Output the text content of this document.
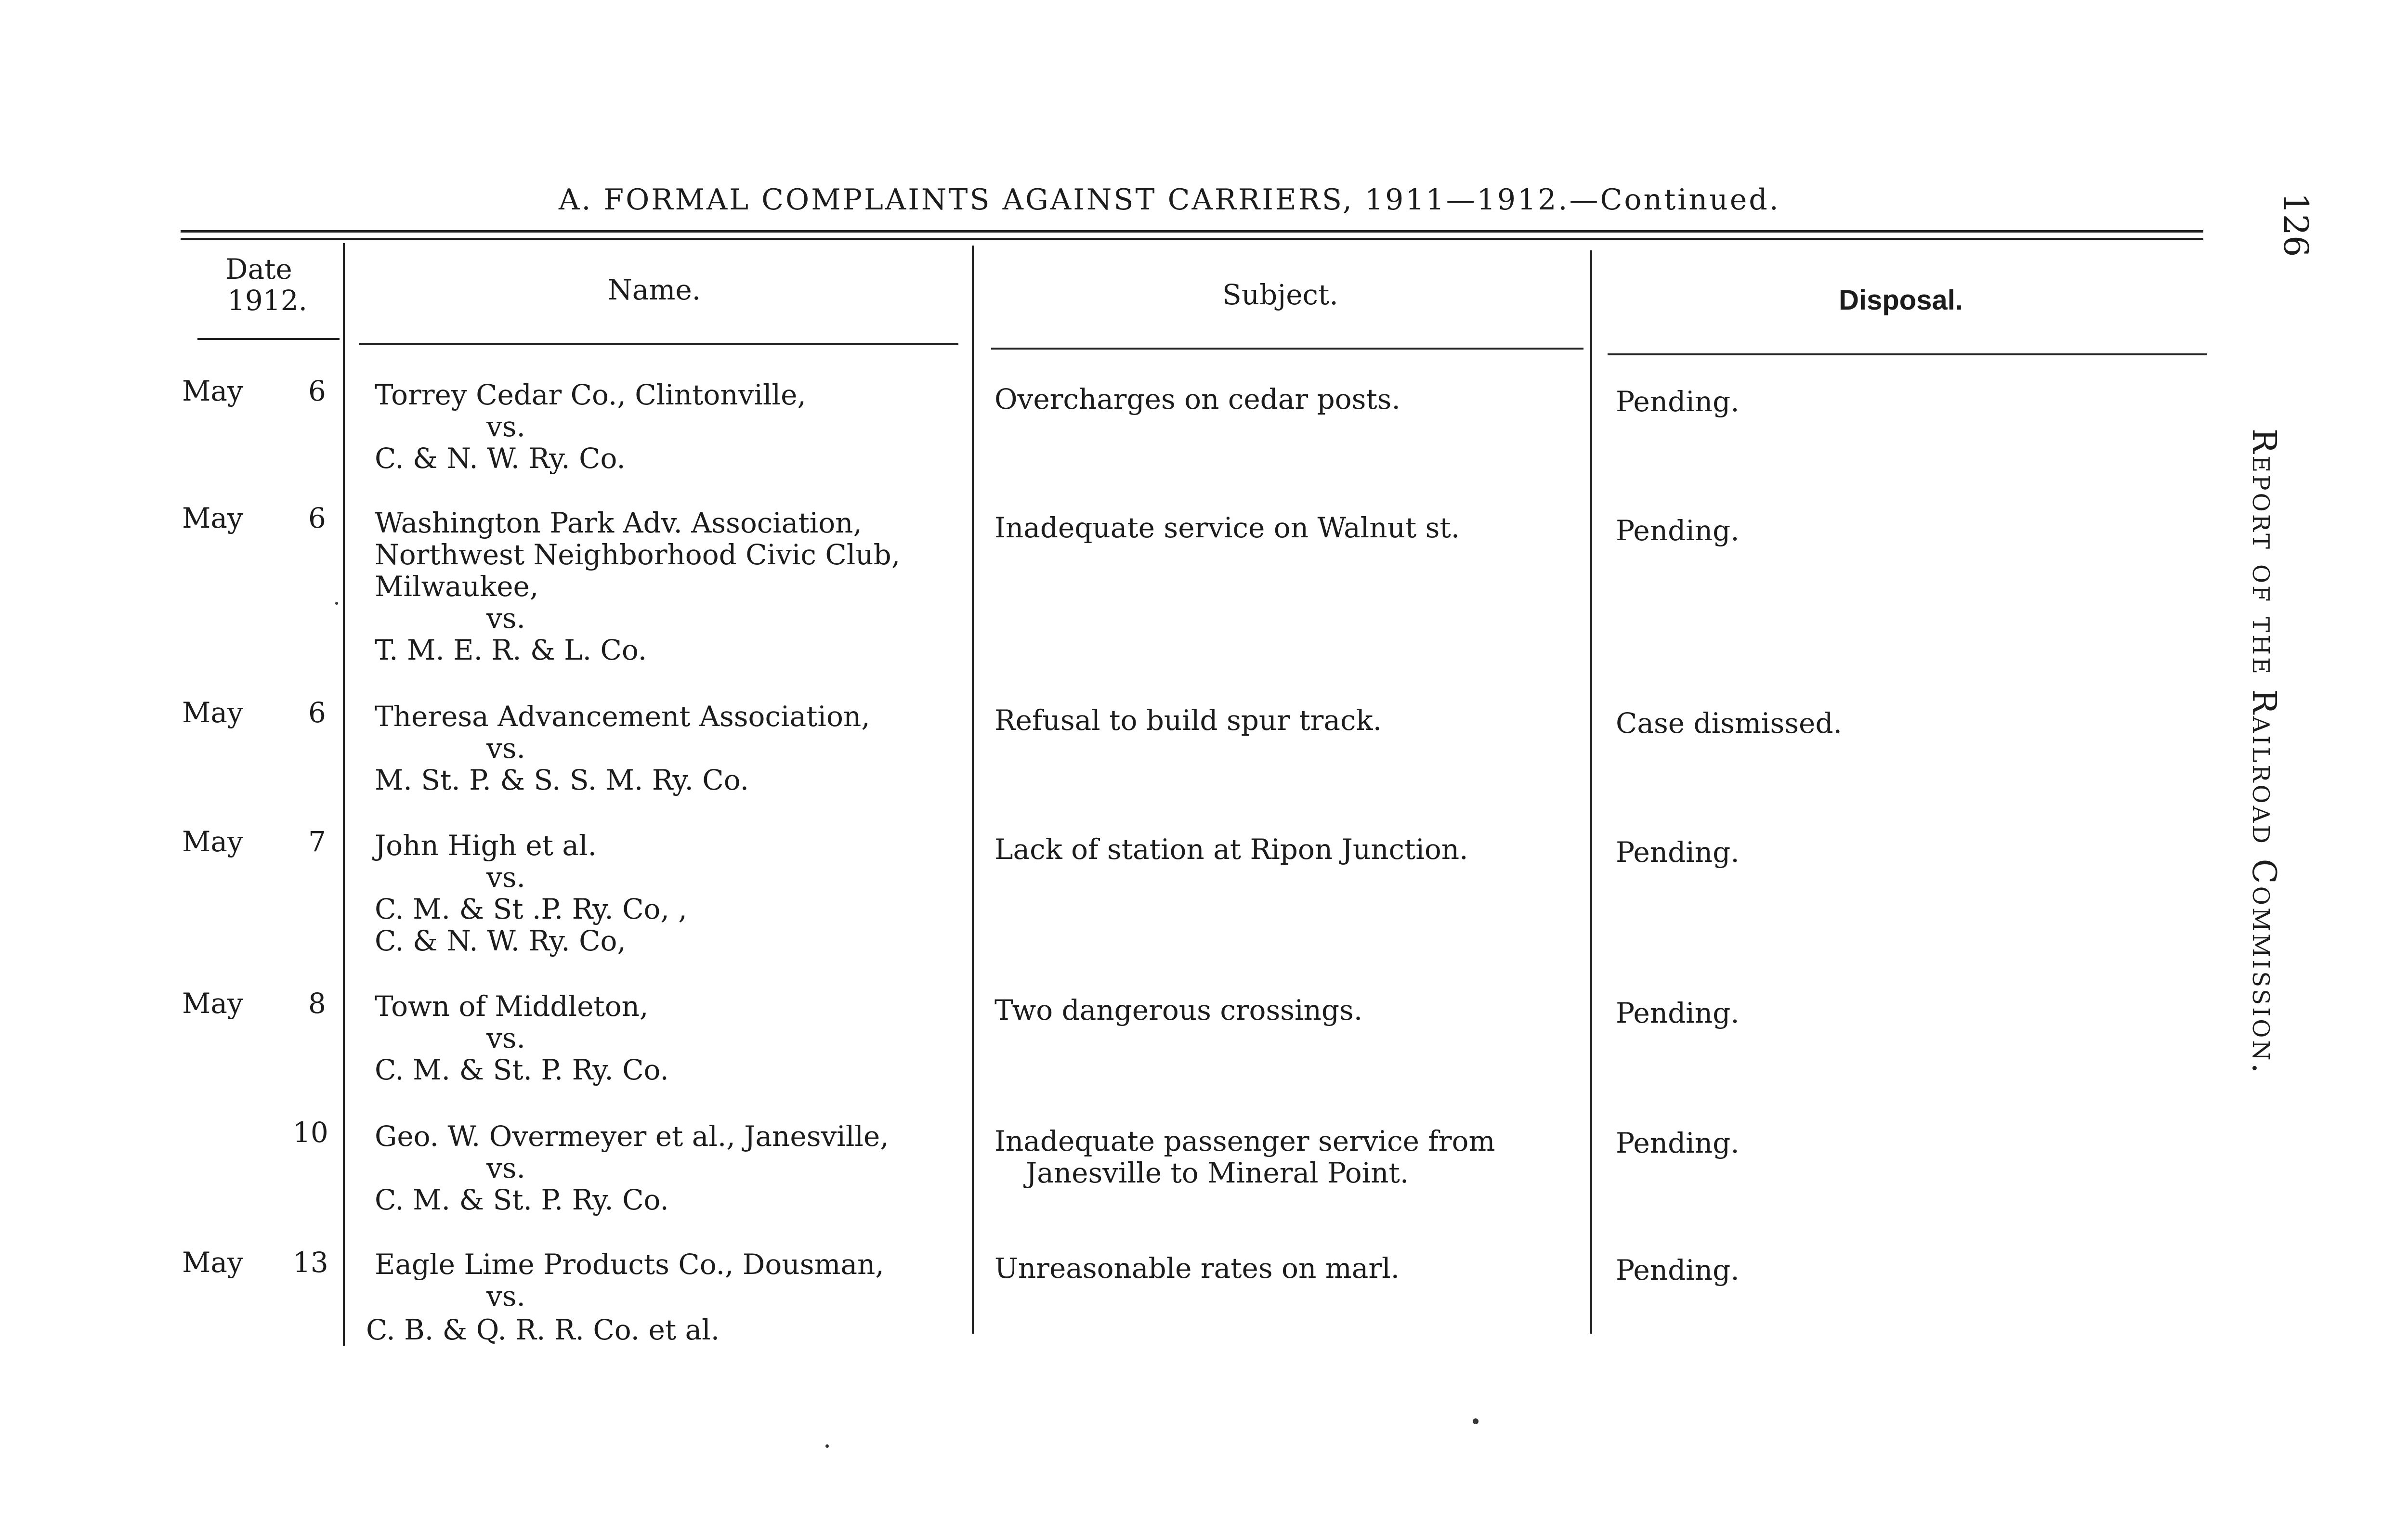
A. FORMAL COMPLAINTS AGAINST CARRIERS, 1911—1912.—Continued.	126
Report of the Railroad Commission.
Date
1912.	Name.	Subject.	Disposal.
May 6 Torrey Cedar Co., Clintonville,
vs.
C. & N. W. Ry. Co.
Overcharges on cedar posts.	Pending.
May 6 Washington Park Adv. Association,
Northwest Neighborhood Civic Club,
Milwaukee,
vs.
T. M. E. R. & L. Co.
Inadequate service on Walnut st.	Pending.
May 6 Theresa Advancement Association,
vs.
M. St. P. & S. S. M. Ry. Co.
Refusal to build spur track.	Case dismissed.
May 7 John High et al.
vs.
C. M. & St .P. Ry. Co, ,
C. & N. W. Ry. Co,
Lack of station at Ripon Junction.	Pending.
May 8 Town of Middleton,
vs.
C. M. & St. P. Ry. Co.
Two dangerous crossings.	Pending.
10 Geo. W. Overmeyer et al., Janesville,
vs.
C. M. & St. P. Ry. Co.
Inadequate passenger service from
Janesville to Mineral Point.
Pending.
May 13 Eagle Lime Products Co., Dousman,
vs.
C. B. & Q. R. R. Co. et al.
Unreasonable rates on marl.	Pending.
